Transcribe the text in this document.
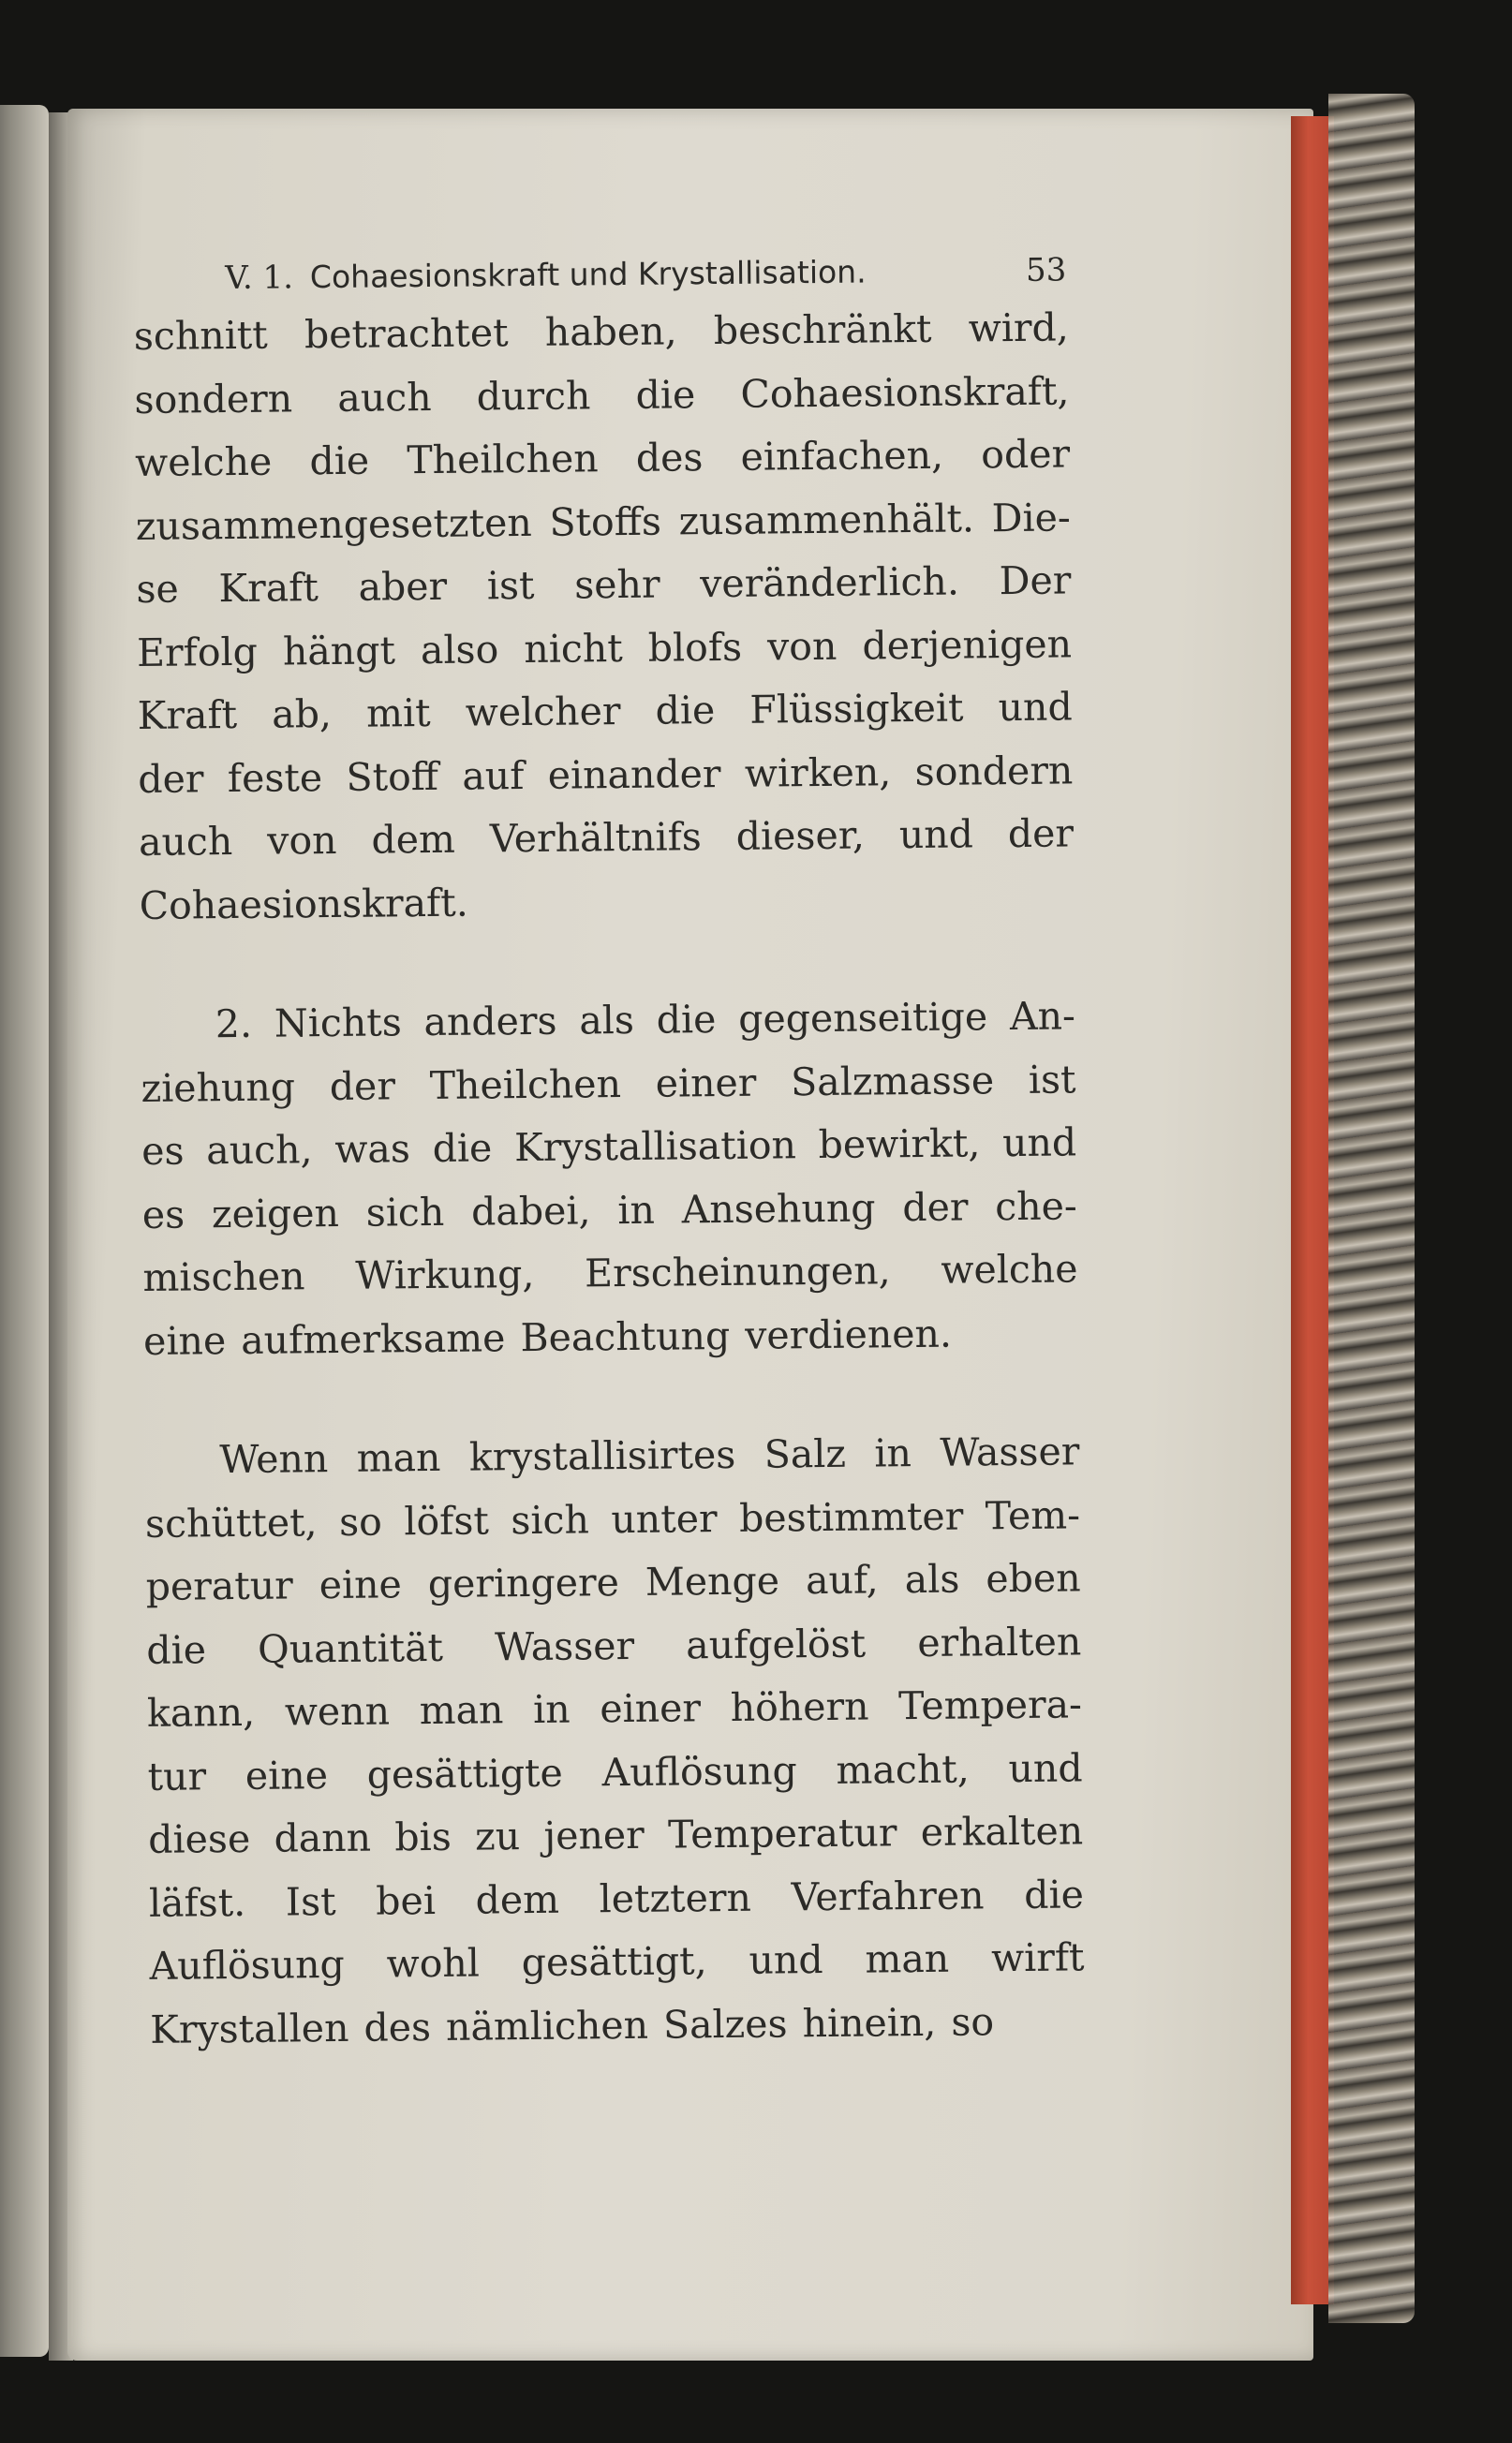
V. 1. Cohaesionskraft und Krystallisation.	53
schnitt betrachtet haben, beschränkt wird,
sondern auch durch die Cohaesionskraft,
welche die Theilchen des einfachen, oder
zusammengesetzten Stoffs zusammenhält. Die-
se Kraft aber ist sehr veränderlich. Der
Erfolg hängt also nicht blofs von derjenigen
Kraft ab, mit welcher die Flüssigkeit und
der feste Stoff auf einander wirken, sondern
auch von dem Verhältnifs dieser, und der
Cohaesionskraft.
2. Nichts anders als die gegenseitige An-
ziehung der Theilchen einer Salzmasse ist
es auch, was die Krystallisation bewirkt, und
es zeigen sich dabei, in Ansehung der che-
mischen Wirkung, Erscheinungen, welche
eine aufmerksame Beachtung verdienen.
Wenn man krystallisirtes Salz in Wasser
schüttet, so löfst sich unter bestimmter Tem-
peratur eine geringere Menge auf, als eben
die Quantität Wasser aufgelöst erhalten
kann, wenn man in einer höhern Tempera-
tur eine gesättigte Auflösung macht, und
diese dann bis zu jener Temperatur erkalten
läfst. Ist bei dem letztern Verfahren die
Auflösung wohl gesättigt, und man wirft
Krystallen des nämlichen Salzes hinein, so
